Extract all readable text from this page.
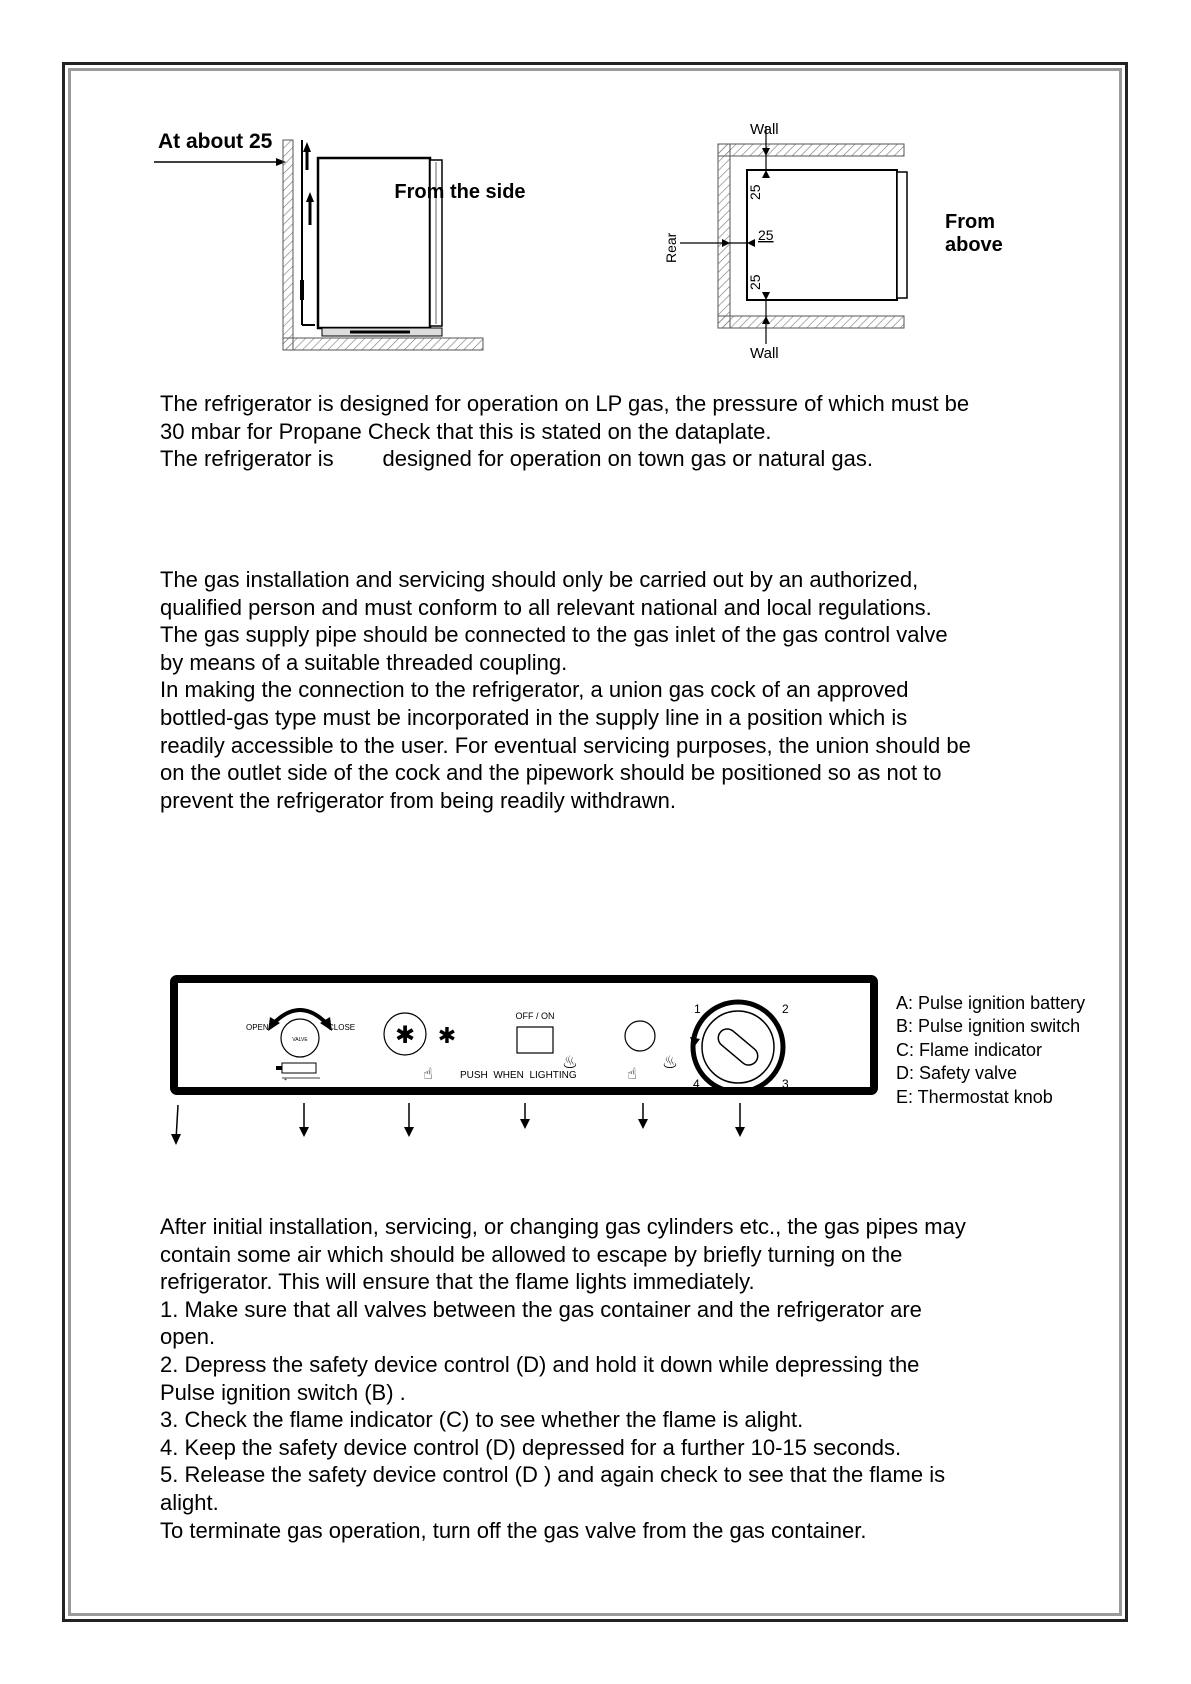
At about 25
From the side
Wall
Wall
25
25
Rear
25
From
above

The refrigerator is designed for operation on LP gas, the pressure of which must be
30 mbar for Propane Check that this is stated on the dataplate.
The refrigerator is        designed for operation on town gas or natural gas.

The gas installation and servicing should only be carried out by an authorized,
qualified person and must conform to all relevant national and local regulations.
The gas supply pipe should be connected to the gas inlet of the gas control valve
by means of a suitable threaded coupling.
In making the connection to the refrigerator, a union gas cock of an approved
bottled-gas type must be incorporated in the supply line in a position which is
readily accessible to the user. For eventual servicing purposes, the union should be
on the outlet side of the cock and the pipework should be positioned so as not to
prevent the refrigerator from being readily withdrawn.

OPEN	CLOSE
VALVE
+
✱ ✱
☝
OFF / ON
PUSH  WHEN  LIGHTING
♨
☝
♨
1	2
3
4
A: Pulse ignition battery
B: Pulse ignition switch
C: Flame indicator
D: Safety valve
E: Thermostat knob

After initial installation, servicing, or changing gas cylinders etc., the gas pipes may
contain some air which should be allowed to escape by briefly turning on the
refrigerator. This will ensure that the flame lights immediately.
1. Make sure that all valves between the gas container and the refrigerator are
open.
2. Depress the safety device control (D) and hold it down while depressing the
Pulse ignition switch (B) .
3. Check the flame indicator (C) to see whether the flame is alight.
4. Keep the safety device control (D) depressed for a further 10-15 seconds.
5. Release the safety device control (D ) and again check to see that the flame is
alight.
To terminate gas operation, turn off the gas valve from the gas container.
